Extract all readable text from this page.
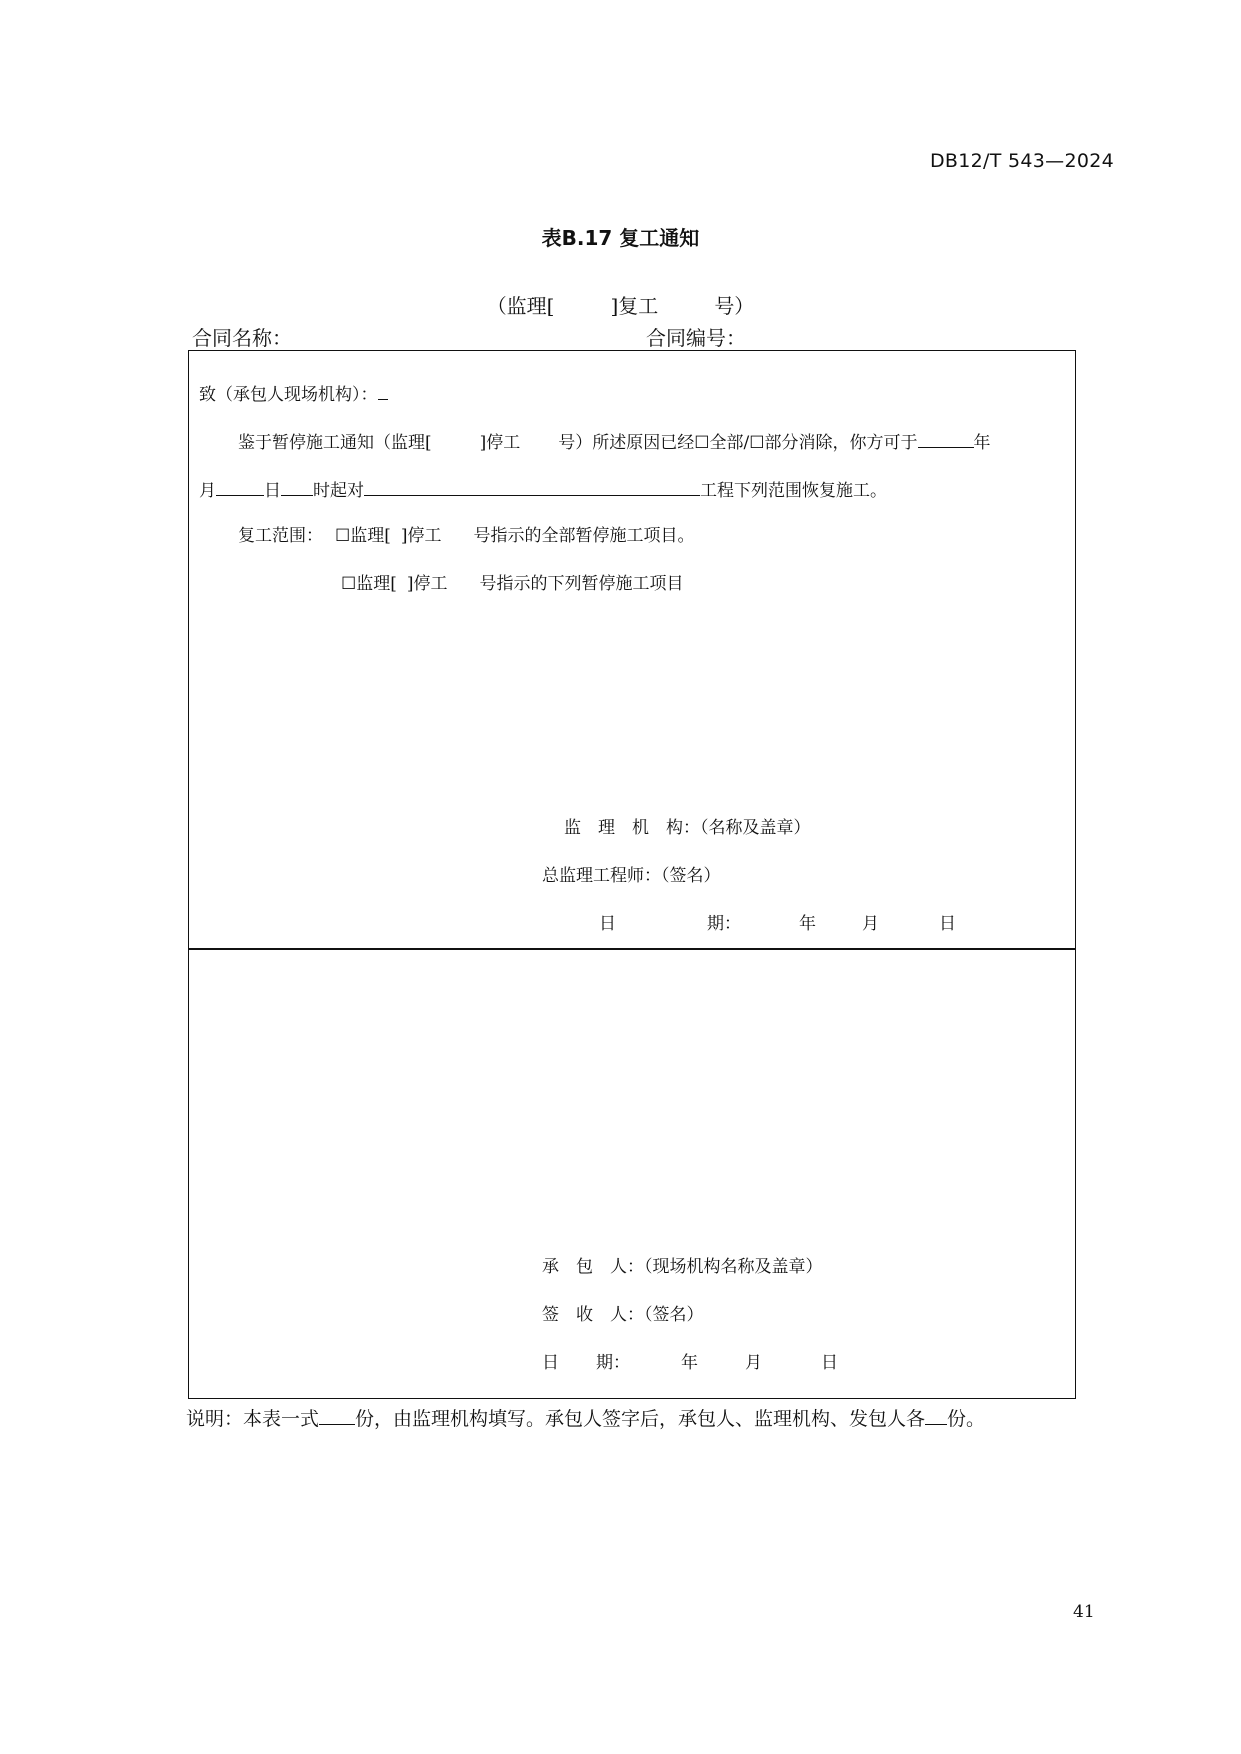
DB12/T 543—2024
表B.17 复工通知
（监理[	]复工	号）
合同名称：	合同编号：
致（承包人现场机构）：
鉴于暂停施工通知（监理[	]停工 号）所述原因已经☐全部/☐部分消除，你方可于	年
月	日 时起对	工程下列范围恢复施工。
复工范围： ☐监理[ ]停工 号指示的全部暂停施工项目。
☐监理[ ]停工 号指示的下列暂停施工项目
监　理　机　构：（名称及盖章）
总监理工程师：（签名）
日	期：	年	月	日
承　包　人：（现场机构名称及盖章）
签　收　人：（签名）
日 期：	年	月	日
说明：本表一式 份，由监理机构填写。承包人签字后，承包人、监理机构、发包人各 份。
41
